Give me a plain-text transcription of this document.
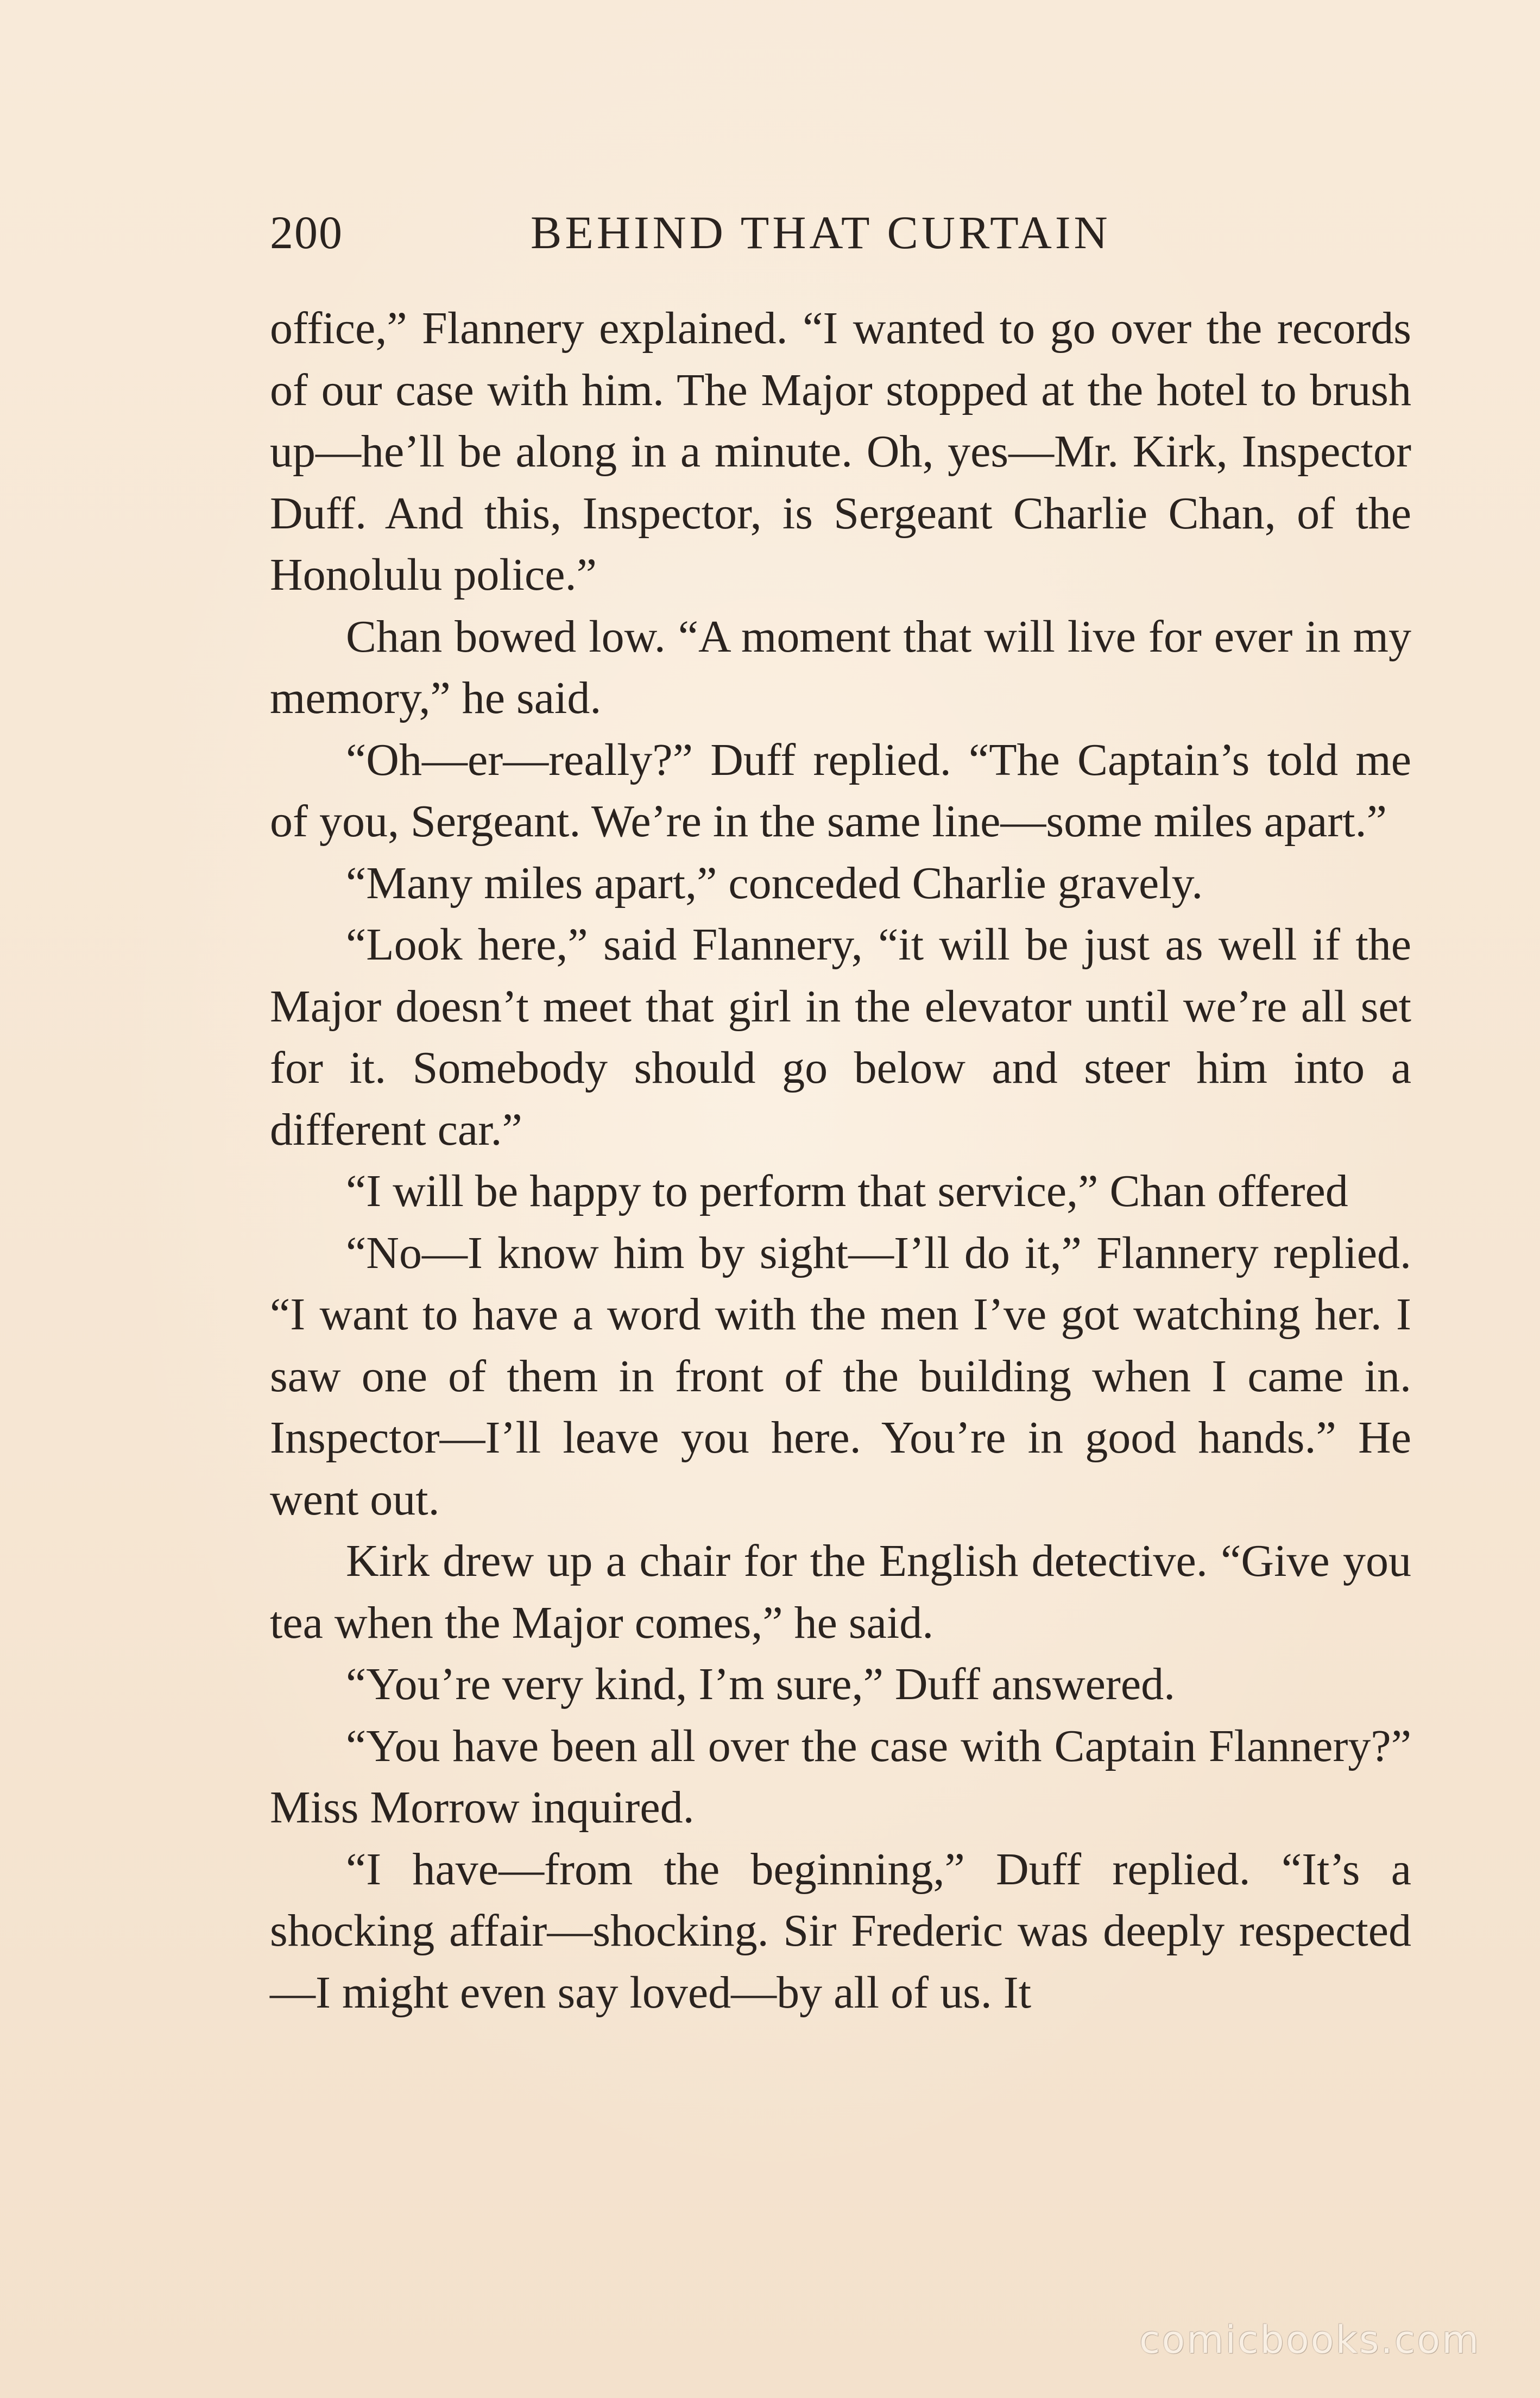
200	BEHIND THAT CURTAIN

office,” Flannery explained. “I wanted to go over the records of our case with him. The Major stopped at the hotel to brush up—he’ll be along in a minute. Oh, yes—Mr. Kirk, Inspector Duff. And this, Inspector, is Sergeant Charlie Chan, of the Honolulu police.”

Chan bowed low. “A moment that will live for ever in my memory,” he said.

“Oh—er—really?” Duff replied. “The Captain’s told me of you, Sergeant. We’re in the same line—some miles apart.”

“Many miles apart,” conceded Charlie gravely.

“Look here,” said Flannery, “it will be just as well if the Major doesn’t meet that girl in the elevator until we’re all set for it. Somebody should go below and steer him into a different car.”

“I will be happy to perform that service,” Chan offered

“No—I know him by sight—I’ll do it,” Flannery replied. “I want to have a word with the men I’ve got watching her. I saw one of them in front of the building when I came in. Inspector—I’ll leave you here. You’re in good hands.” He went out.

Kirk drew up a chair for the English detective. “Give you tea when the Major comes,” he said.

“You’re very kind, I’m sure,” Duff answered.

“You have been all over the case with Captain Flannery?” Miss Morrow inquired.

“I have—from the beginning,” Duff replied. “It’s a shocking affair—shocking. Sir Frederic was deeply respected—I might even say loved—by all of us. It

comicbooks.com
